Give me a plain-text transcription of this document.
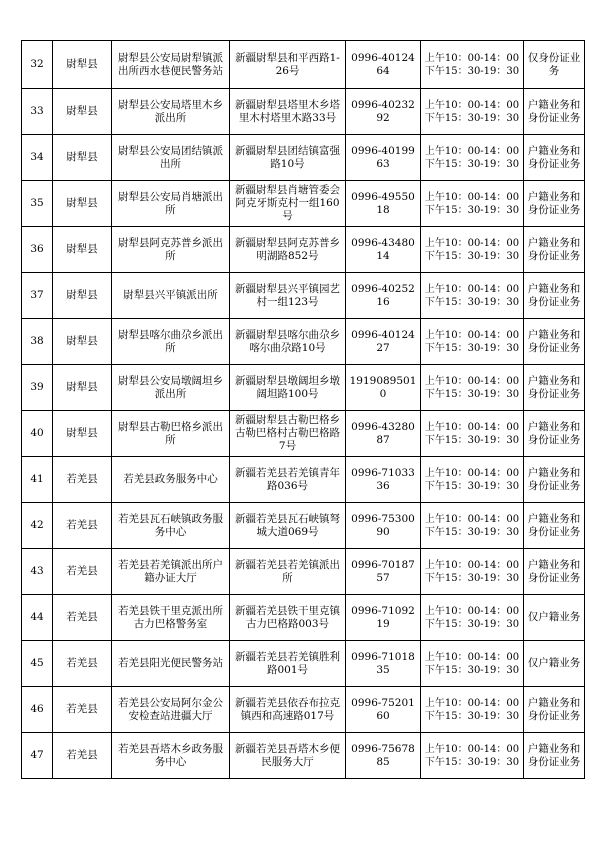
32	尉犁县	尉犁县公安局尉犁镇派出所西水巷便民警务站	新疆尉犁县和平西路1-26号	0996-4012464	上午10：00-14：00
下午15：30-19：30	仅身份证业务
33	尉犁县	尉犁县公安局塔里木乡派出所	新疆尉犁县塔里木乡塔里木村塔里木路33号	0996-4023292	上午10：00-14：00
下午15：30-19：30	户籍业务和身份证业务
34	尉犁县	尉犁县公安局团结镇派出所	新疆尉犁县团结镇富强路10号	0996-4019963	上午10：00-14：00
下午15：30-19：30	户籍业务和身份证业务
35	尉犁县	尉犁县公安局肖塘派出所	新疆尉犁县肖塘管委会阿克牙斯克村一组160号	0996-4955018	上午10：00-14：00
下午15：30-19：30	户籍业务和身份证业务
36	尉犁县	尉犁县阿克苏普乡派出所	新疆尉犁县阿克苏普乡明湖路852号	0996-4348014	上午10：00-14：00
下午15：30-19：30	户籍业务和身份证业务
37	尉犁县	尉犁县兴平镇派出所	新疆尉犁县兴平镇园艺村一组123号	0996-4025216	上午10：00-14：00
下午15：30-19：30	户籍业务和身份证业务
38	尉犁县	尉犁县喀尔曲尕乡派出所	新疆尉犁县喀尔曲尕乡喀尔曲尕路10号	0996-4012427	上午10：00-14：00
下午15：30-19：30	户籍业务和身份证业务
39	尉犁县	尉犁县公安局墩阔坦乡派出所	新疆尉犁县墩阔坦乡墩阔坦路100号	19190895010	上午10：00-14：00
下午15：30-19：30	户籍业务和身份证业务
40	尉犁县	尉犁县古勒巴格乡派出所	新疆尉犁县古勒巴格乡古勒巴格村古勒巴格路7号	0996-4328087	上午10：00-14：00
下午15：30-19：30	户籍业务和身份证业务
41	若羌县	若羌县政务服务中心	新疆若羌县若羌镇青年路036号	0996-7103336	上午10：00-14：00
下午15：30-19：30	户籍业务和身份证业务
42	若羌县	若羌县瓦石峡镇政务服务中心	新疆若羌县瓦石峡镇弩城大道069号	0996-7530090	上午10：00-14：00
下午15：30-19：30	户籍业务和身份证业务
43	若羌县	若羌县若羌镇派出所户籍办证大厅	新疆若羌县若羌镇派出所	0996-7018757	上午10：00-14：00
下午15：30-19：30	户籍业务和身份证业务
44	若羌县	若羌县铁干里克派出所古力巴格警务室	新疆若羌县铁干里克镇古力巴格路003号	0996-7109219	上午10：00-14：00
下午15：30-19：30	仅户籍业务
45	若羌县	若羌县阳光便民警务站	新疆若羌县若羌镇胜利路001号	0996-7101835	上午10：00-14：00
下午15：30-19：30	仅户籍业务
46	若羌县	若羌县公安局阿尔金公安检查站进疆大厅	新疆若羌县依吞布拉克镇西和高速路017号	0996-7520160	上午10：00-14：00
下午15：30-19：30	户籍业务和身份证业务
47	若羌县	若羌县吾塔木乡政务服务中心	新疆若羌县吾塔木乡便民服务大厅	0996-7567885	上午10：00-14：00
下午15：30-19：30	户籍业务和身份证业务
